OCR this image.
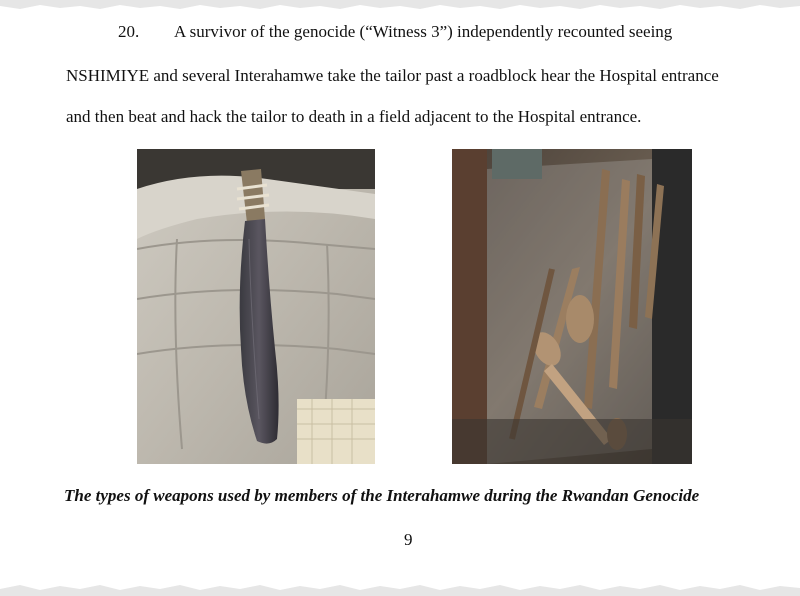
20. A survivor of the genocide (“Witness 3”) independently recounted seeing
NSHIMIYE and several Interahamwe take the tailor past a roadblock hear the Hospital entrance
and then beat and hack the tailor to death in a field adjacent to the Hospital entrance.
The types of weapons used by members of the Interahamwe during the Rwandan Genocide
9
